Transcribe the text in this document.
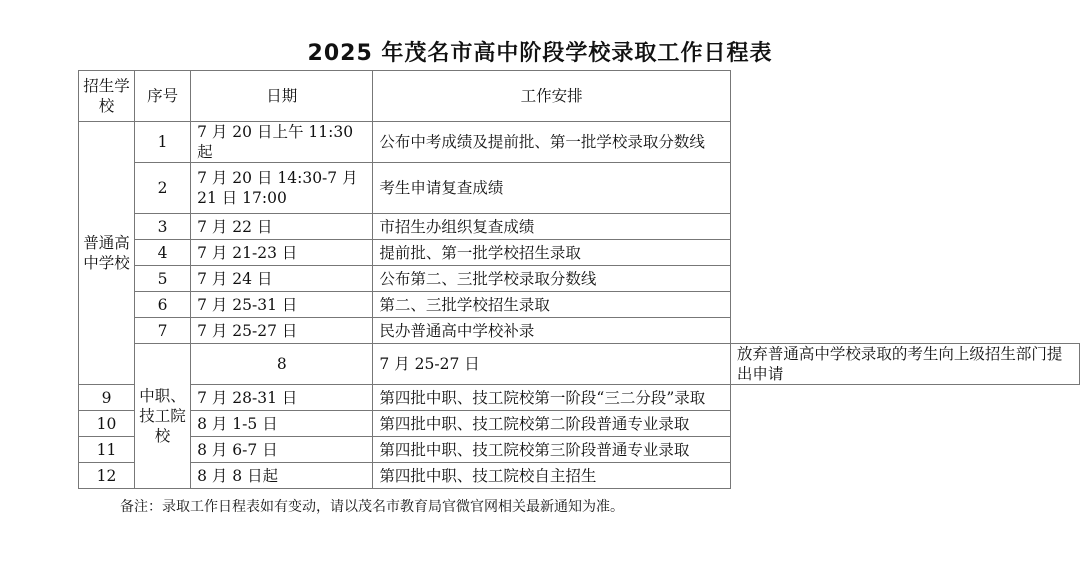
2025 年茂名市高中阶段学校录取工作日程表
招生学校	序号	日期	工作安排	
普通高中学校	1	7 月 20 日上午 11:30 起	公布中考成绩及提前批、第一批学校录取分数线	
	2	7 月 20 日 14:30-7 月 21 日 17:00	考生申请复查成绩	
	3	7 月 22 日	市招生办组织复查成绩	
	4	7 月 21-23 日	提前批、第一批学校招生录取	
	5	7 月 24 日	公布第二、三批学校录取分数线	
	6	7 月 25-31 日	第二、三批学校招生录取	
	7	7 月 25-27 日	民办普通高中学校补录	
	中职、技工院校	8	7 月 25-27 日	放弃普通高中学校录取的考生向上级招生部门提出申请
9		7 月 28-31 日	第四批中职、技工院校第一阶段“三二分段”录取	
10		8 月 1-5 日	第四批中职、技工院校第二阶段普通专业录取	
11		8 月 6-7 日	第四批中职、技工院校第三阶段普通专业录取	
12		8 月 8 日起	第四批中职、技工院校自主招生	
备注：录取工作日程表如有变动，请以茂名市教育局官微官网相关最新通知为准。
